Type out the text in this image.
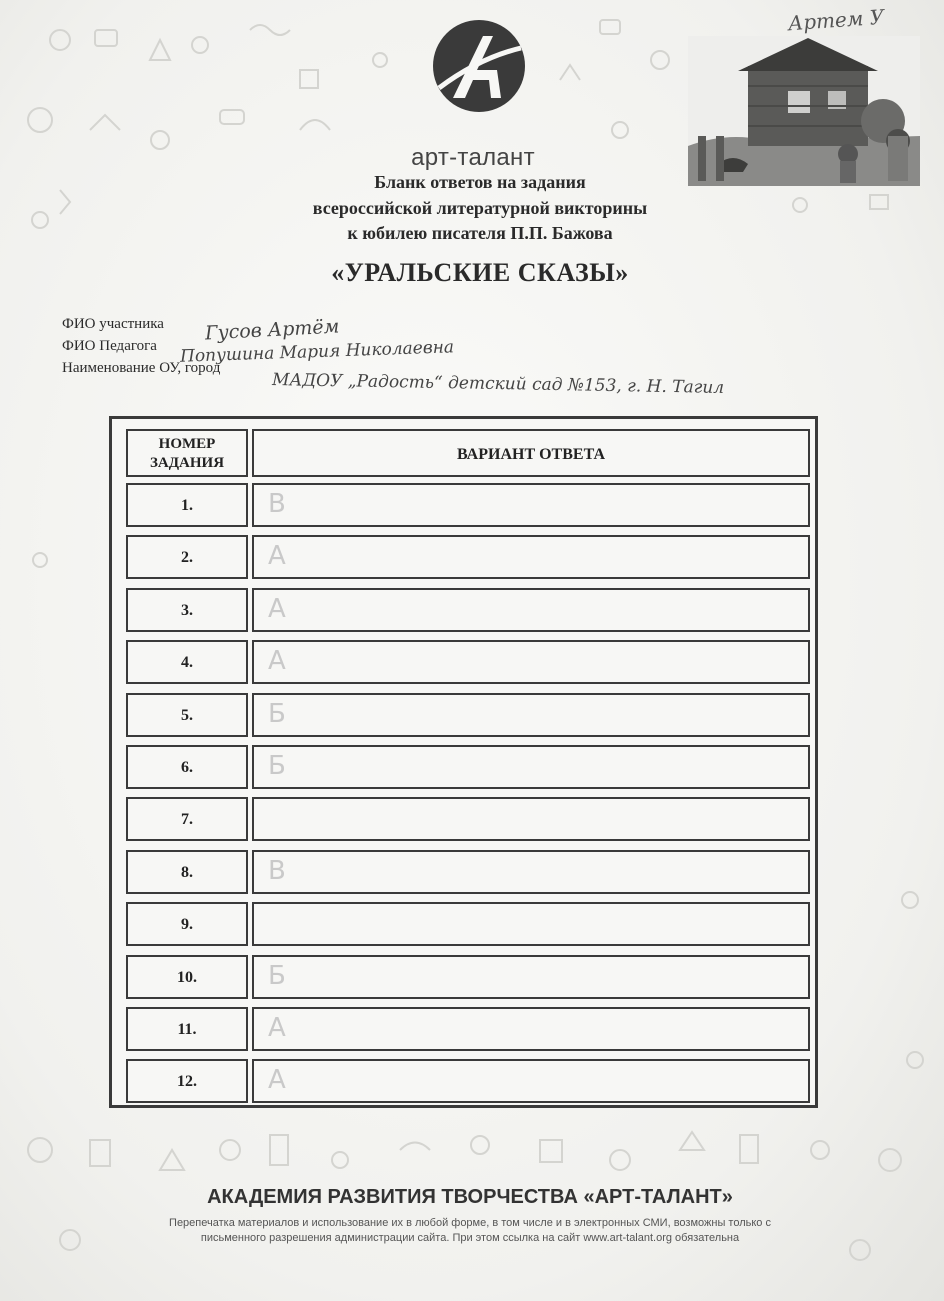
арт-талант
Артем У
Бланк ответов на задания
всероссийской литературной викторины
к юбилею писателя П.П. Бажова
«УРАЛЬСКИЕ СКАЗЫ»
ФИО участника Гусов Артём
ФИО Педагога Попушина Мария Николаевна
Наименование ОУ, город
МАДОУ „Радость“ детский сад №153, г. Н. Тагил
НОМЕР
ЗАДАНИЯ	ВАРИАНТ ОТВЕТА
1.	В
2.	А
3.	А
4.	А
5.	Б
6.	Б
7.
8.	В
9.
10.	Б
11.	А
12.	А
АКАДЕМИЯ РАЗВИТИЯ ТВОРЧЕСТВА «АРТ-ТАЛАНТ»
Перепечатка материалов и использование их в любой форме, в том числе и в электронных СМИ, возможны только с
письменного разрешения администрации сайта. При этом ссылка на сайт www.art-talant.org обязательна
